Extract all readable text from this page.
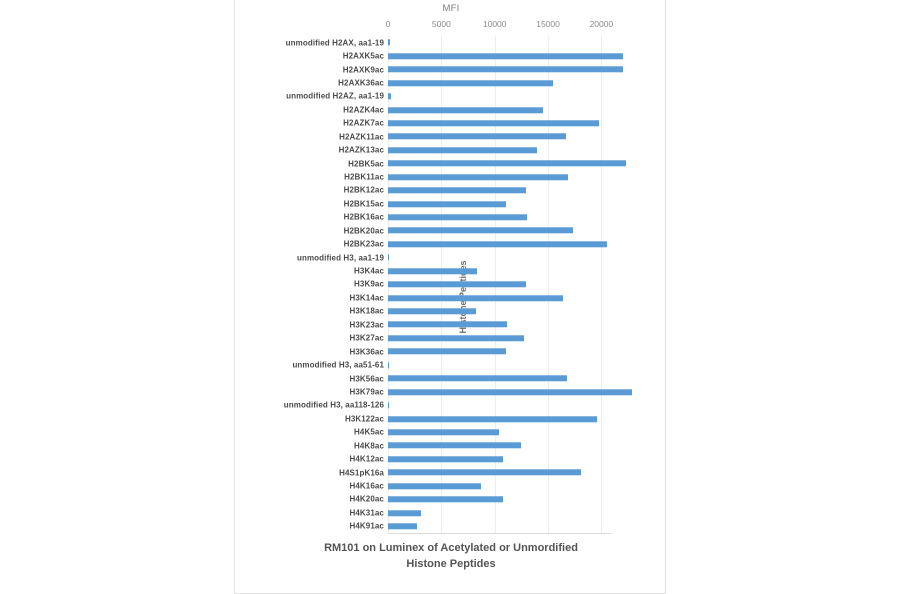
MFI
0	5000	10000	15000	20000
RM101 on Luminex of Acetylated or Unmordified
Histone Peptides
unmodified H2AX, aa1-19
H2AXK5ac
H2AXK9ac
H2AXK36ac
unmodified H2AZ, aa1-19
H2AZK4ac
H2AZK7ac
H2AZK11ac
H2AZK13ac
H2BK5ac
H2BK11ac
H2BK12ac
H2BK15ac
H2BK16ac
H2BK20ac
H2BK23ac
unmodified H3, aa1-19
H3K4ac
H3K9ac
H3K14ac
H3K18ac
H3K23ac
H3K27ac
H3K36ac
unmodified H3, aa51-61
H3K56ac
H3K79ac
unmodified H3, aa118-126
H3K122ac
H4K5ac
H4K8ac
H4K12ac
H4S1pK16a
H4K16ac
H4K20ac
H4K31ac
H4K91ac
